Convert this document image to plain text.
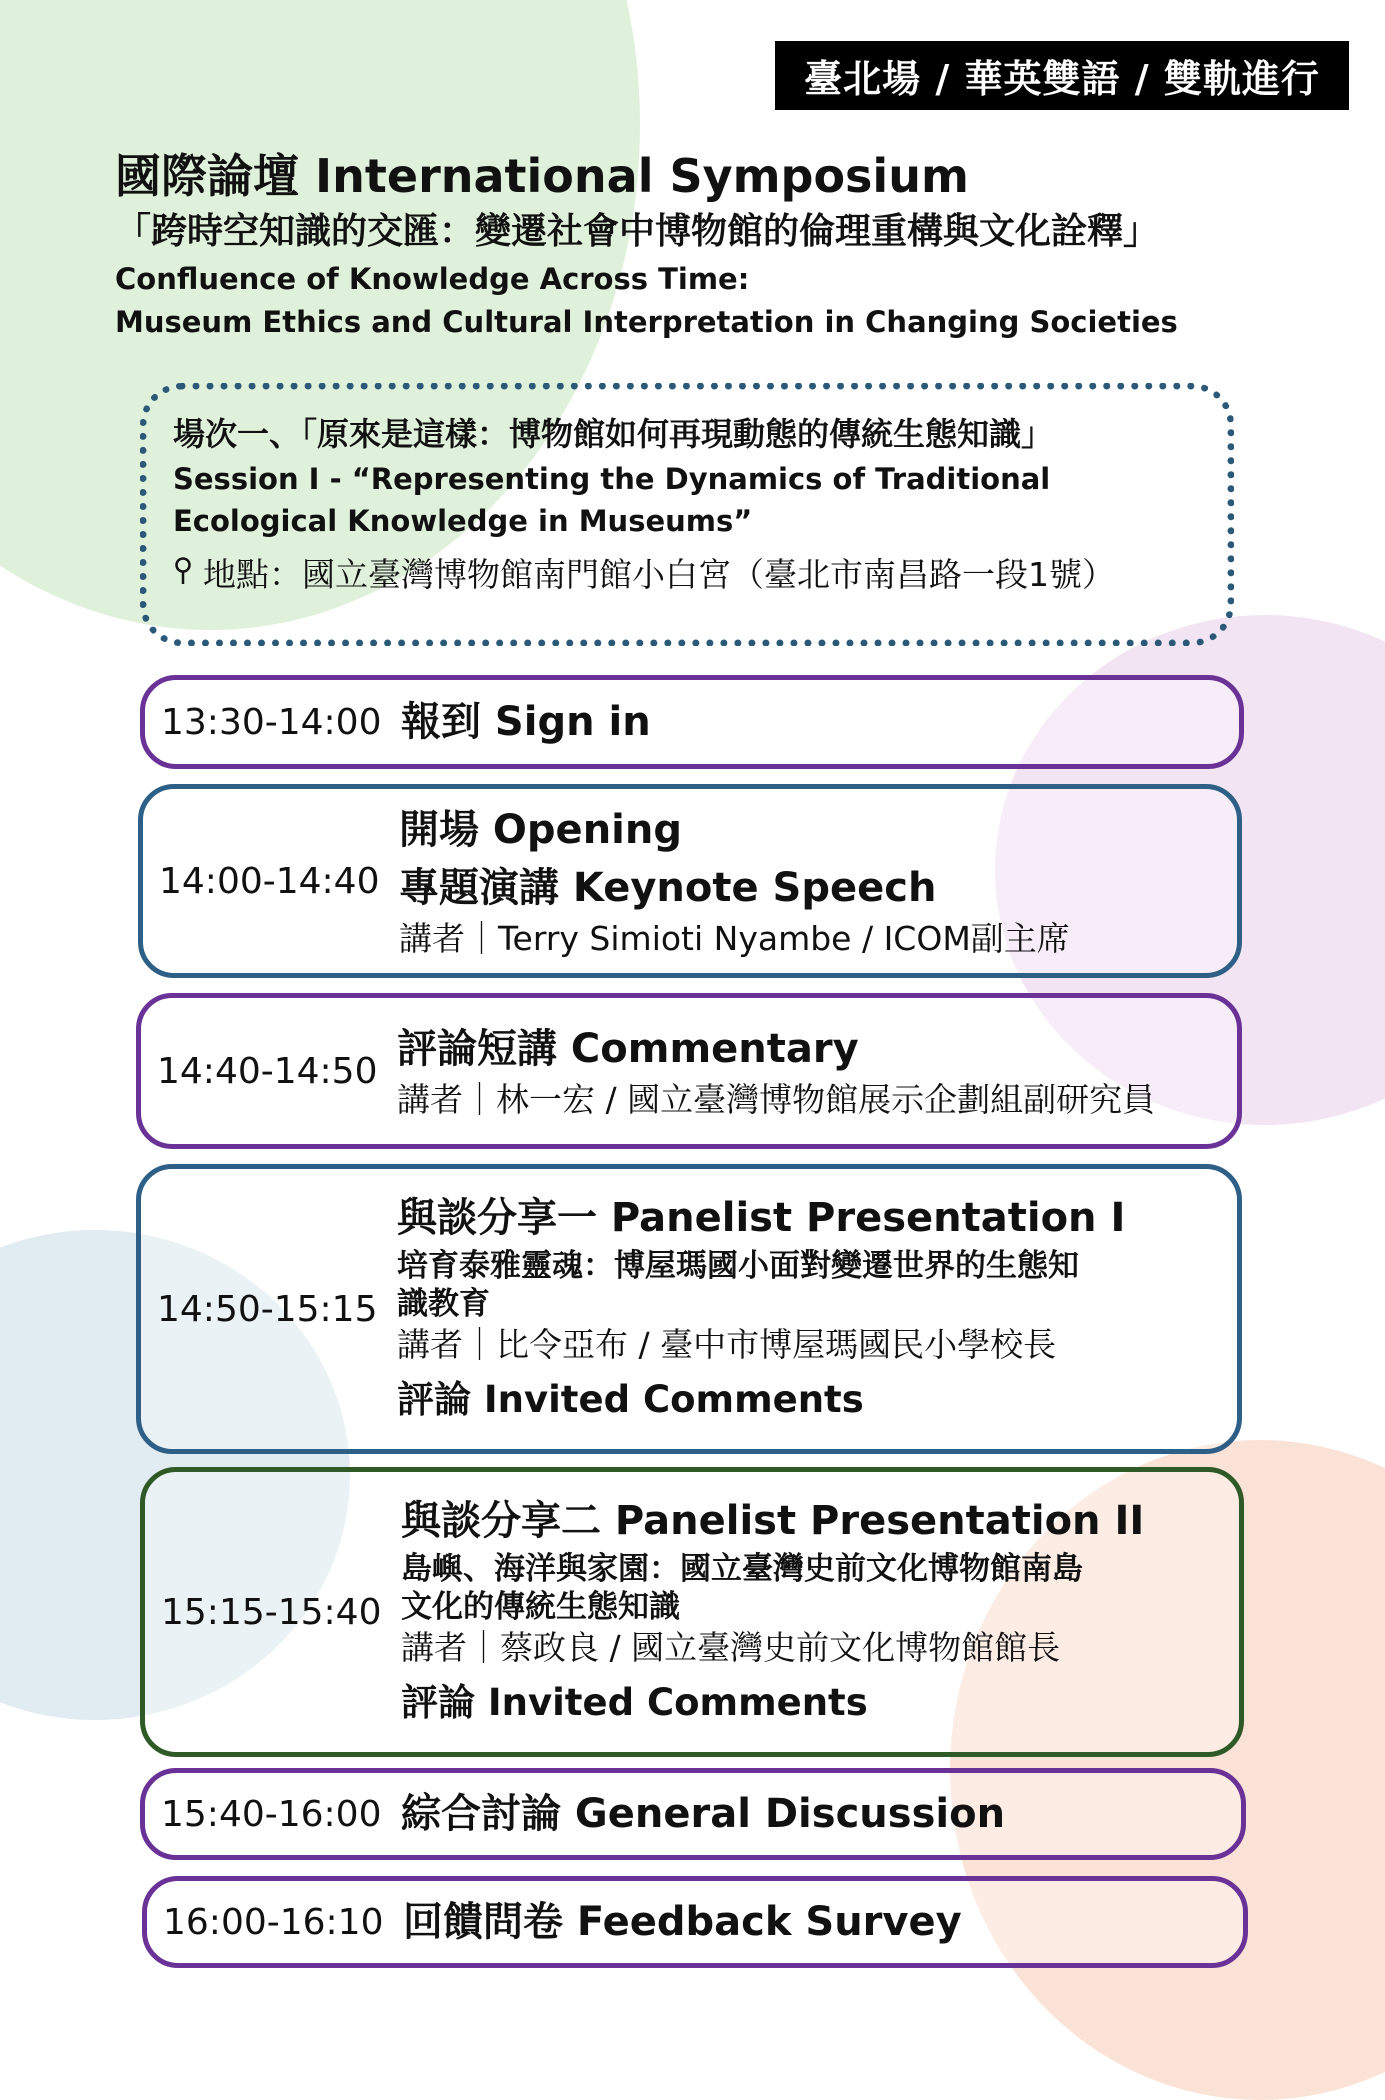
臺北場 / 華英雙語 / 雙軌進行
國際論壇 International Symposium
「跨時空知識的交匯：變遷社會中博物館的倫理重構與文化詮釋」
Confluence of Knowledge Across Time:
Museum Ethics and Cultural Interpretation in Changing Societies
場次一、「原來是這樣：博物館如何再現動態的傳統生態知識」
Session I - “Representing the Dynamics of Traditional
Ecological Knowledge in Museums”
地點：國立臺灣博物館南門館小白宮（臺北市南昌路一段1號）
13:30-14:00 報到 Sign in
14:00-14:40
開場 Opening
專題演講 Keynote Speech
講者｜Terry Simioti Nyambe / ICOM副主席
14:40-14:50 評論短講 Commentary
講者｜林一宏 / 國立臺灣博物館展示企劃組副研究員
14:50-15:15
與談分享一 Panelist Presentation I
培育泰雅靈魂：博屋瑪國小面對變遷世界的生態知
識教育
講者｜比令亞布 / 臺中市博屋瑪國民小學校長
評論 Invited Comments
15:15-15:40
與談分享二 Panelist Presentation II
島嶼、海洋與家園：國立臺灣史前文化博物館南島
文化的傳統生態知識
講者｜蔡政良 / 國立臺灣史前文化博物館館長
評論 Invited Comments
15:40-16:00 綜合討論 General Discussion
16:00-16:10 回饋問卷 Feedback Survey
